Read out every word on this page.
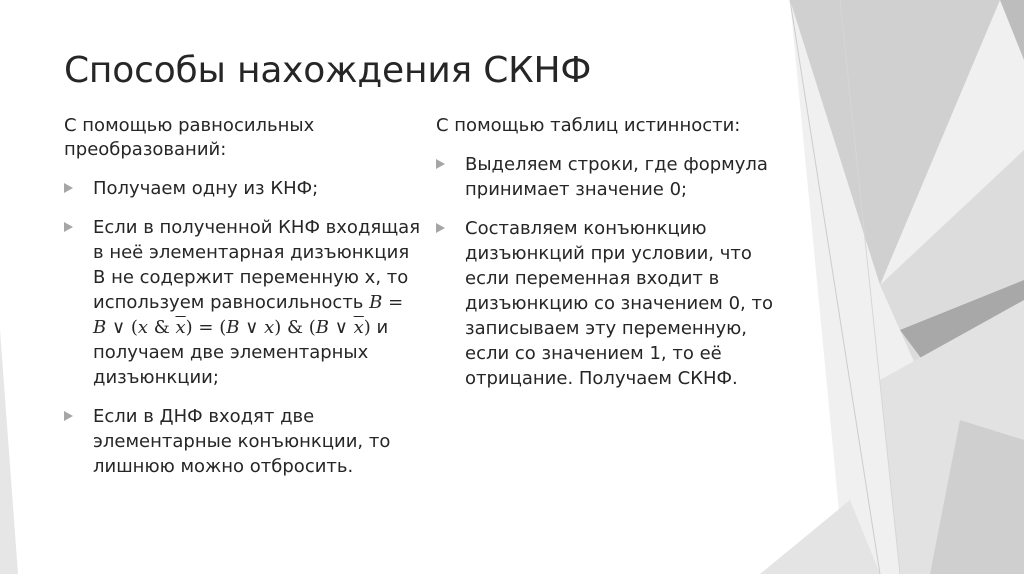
Способы нахождения СКНФ

С помощью равносильных преобразований:

Получаем одну из КНФ;
Если в полученной КНФ входящая в неё элементарная дизъюнкция В не содержит переменную х, то используем равносильность B =
B ∨ (x & $\overline{x}) = (B$ ∨ x) & (B ∨ $\overline{x}$) и получаем две элементарных дизъюнкции;
Если в ДНФ входят две элементарные конъюнкции, то лишнюю можно отбросить.

С помощью таблиц истинности:

Выделяем строки, где формула принимает значение 0;
Составляем конъюнкцию дизъюнкций при условии, что если переменная входит в дизъюнкцию со значением 0, то записываем эту переменную, если со значением 1, то её отрицание. Получаем СКНФ.
